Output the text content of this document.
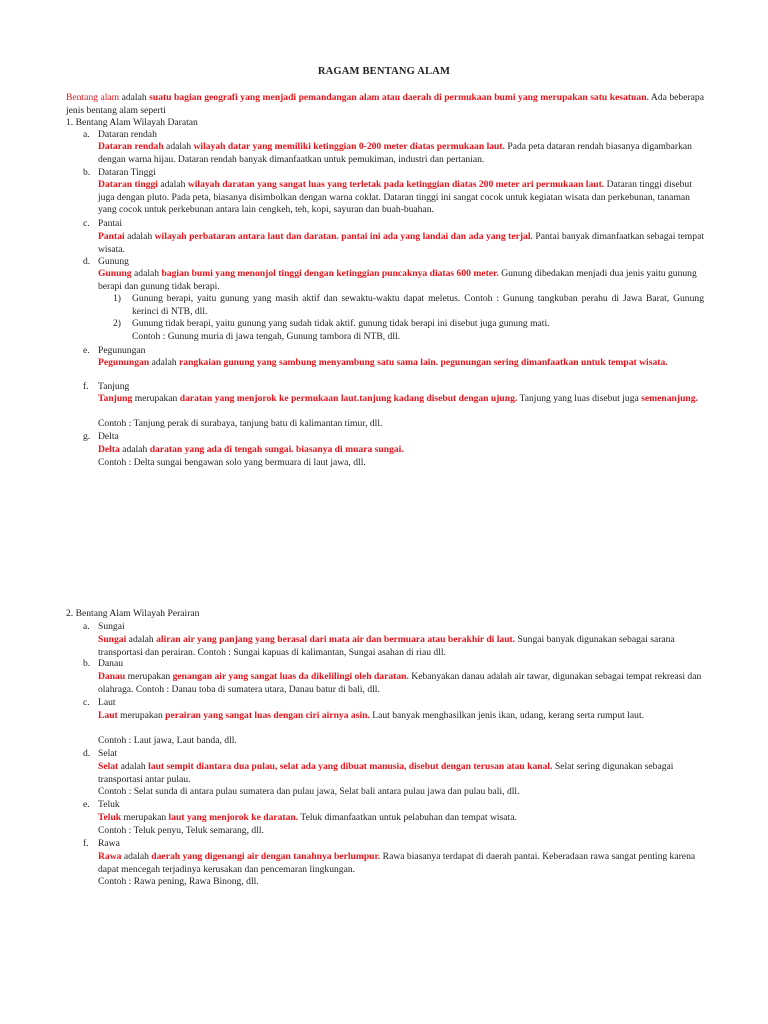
RAGAM BENTANG ALAM

Bentang alam adalah suatu bagian geografi yang menjadi pemandangan alam atau daerah di permukaan bumi yang merupakan satu kesatuan. Ada beberapa jenis bentang alam seperti

1. Bentang Alam Wilayah Daratan
a. Dataran rendah

Dataran rendah adalah wilayah datar yang memiliki ketinggian 0-200 meter diatas permukaan laut. Pada peta dataran rendah biasanya digambarkan dengan warna hijau. Dataran rendah banyak dimanfaatkan untuk pemukiman, industri dan pertanian.

b. Dataran Tinggi

Dataran tinggi adalah wilayah daratan yang sangat luas yang terletak pada ketinggian diatas 200 meter ari permukaan laut. Dataran tinggi disebut juga dengan pluto. Pada peta, biasanya disimbolkan dengan warna coklat. Dataran tinggi ini sangat cocok untuk kegiatan wisata dan perkebunan, tanaman yang cocok untuk perkebunan antara lain cengkeh, teh, kopi, sayuran dan buah-buahan.

c. Pantai

Pantai adalah wilayah perbataran antara laut dan daratan. pantai ini ada yang landai dan ada yang terjal. Pantai banyak dimanfaatkan sebagai tempat wisata.

d. Gunung

Gunung adalah bagian bumi yang menonjol tinggi dengan ketinggian puncaknya diatas 600 meter. Gunung dibedakan menjadi dua jenis yaitu gunung berapi dan gunung tidak berapi.

1)	Gunung berapi, yaitu gunung yang masih aktif dan sewaktu-waktu dapat meletus. Contoh : Gunung tangkuban perahu di Jawa Barat, Gunung kerinci di NTB, dll.

2)	Gunung tidak berapi, yaitu gunung yang sudah tidak aktif. gunung tidak berapi ini disebut juga gunung mati.

Contoh : Gunung muria di jawa tengah, Gunung tambora di NTB, dll.

e. Pegunungan

Pegunungan adalah rangkaian gunung yang sambung menyambung satu sama lain. pegunungan sering dimanfaatkan untuk tempat wisata.

f. Tanjung

Tanjung merupakan daratan yang menjorok ke permukaan laut.tanjung kadang disebut dengan ujung. Tanjung yang luas disebut juga semenanjung.

Contoh : Tanjung perak di surabaya, tanjung batu di kalimantan timur, dll.

g. Delta

Delta adalah daratan yang ada di tengah sungai. biasanya di muara sungai.

Contoh : Delta sungai bengawan solo yang bermuara di laut jawa, dll.

2. Bentang Alam Wilayah Perairan
a. Sungai

Sungai adalah aliran air yang panjang yang berasal dari mata air dan bermuara atau berakhir di laut. Sungai banyak digunakan sebagai sarana transportasi dan perairan. Contoh : Sungai kapuas di kalimantan, Sungai asahan di riau dll.

b. Danau

Danau merupakan genangan air yang sangat luas da dikelilingi oleh daratan. Kebanyakan danau adalah air tawar, digunakan sebagai tempat rekreasi dan olahraga. Contoh : Danau toba di sumatera utara, Danau batur di bali, dll.

c. Laut

Laut merupakan perairan yang sangat luas dengan ciri airnya asin. Laut banyak menghasilkan jenis ikan, udang, kerang serta rumput laut.

Contoh : Laut jawa, Laut banda, dll.

d. Selat

Selat adalah laut sempit diantara dua pulau, selat ada yang dibuat manusia, disebut dengan terusan atau kanal. Selat sering digunakan sebagai transportasi antar pulau.

Contoh : Selat sunda di antara pulau sumatera dan pulau jawa, Selat bali antara pulau jawa dan pulau bali, dll.

e. Teluk

Teluk merupakan laut yang menjorok ke daratan. Teluk dimanfaatkan untuk pelabuhan dan tempat wisata.

Contoh : Teluk penyu, Teluk semarang, dll.

f. Rawa

Rawa adalah daerah yang digenangi air dengan tanahnya berlumpur. Rawa biasanya terdapat di daerah pantai. Keberadaan rawa sangat penting karena dapat mencegah terjadinya kerusakan dan pencemaran lingkungan.

Contoh : Rawa pening, Rawa Binong, dll.
